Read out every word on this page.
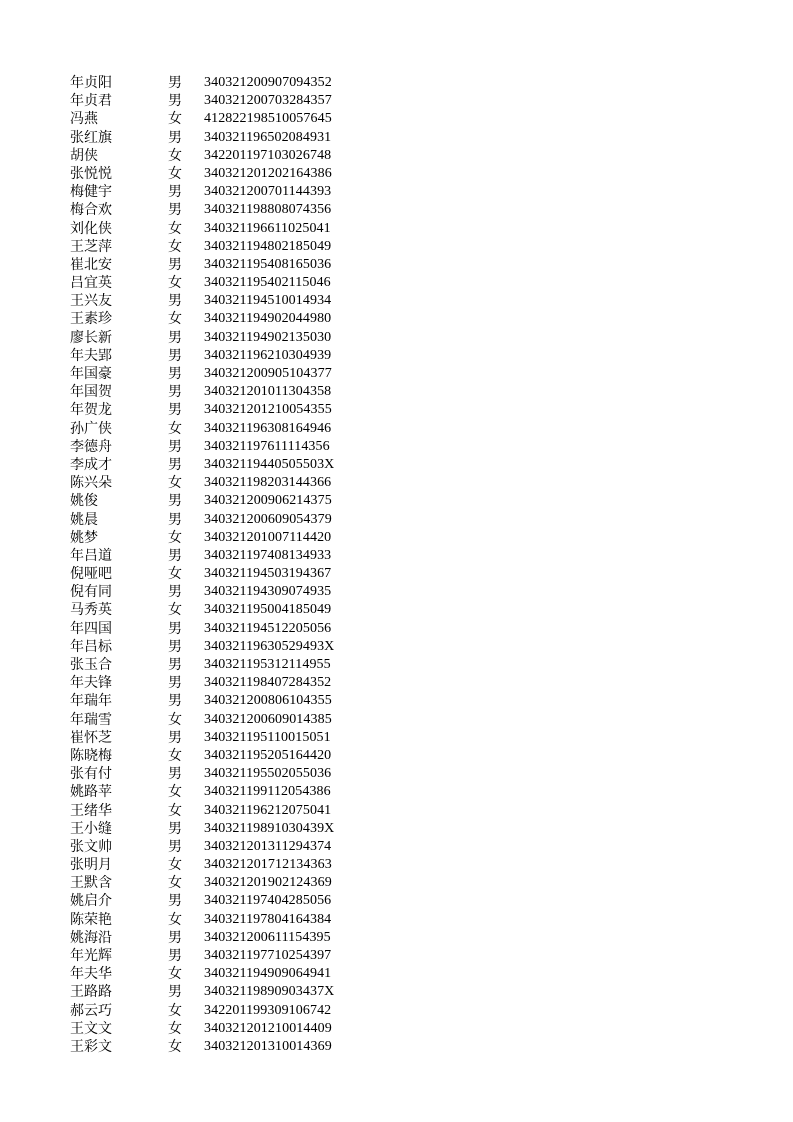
年贞阳	男	340321200907094352
年贞君	男	340321200703284357
冯燕	女	412822198510057645
张红旗	男	340321196502084931
胡侠	女	342201197103026748
张悦悦	女	340321201202164386
梅健宇	男	340321200701144393
梅合欢	男	340321198808074356
刘化侠	女	340321196611025041
王芝萍	女	340321194802185049
崔北安	男	340321195408165036
吕宜英	女	340321195402115046
王兴友	男	340321194510014934
王素珍	女	340321194902044980
廖长新	男	340321194902135030
年夫郢	男	340321196210304939
年国豪	男	340321200905104377
年国贺	男	340321201011304358
年贺龙	男	340321201210054355
孙广侠	女	340321196308164946
李德舟	男	340321197611114356
李成才	男	34032119440505503X
陈兴朵	女	340321198203144366
姚俊	男	340321200906214375
姚晨	男	340321200609054379
姚梦	女	340321201007114420
年吕道	男	340321197408134933
倪哑吧	女	340321194503194367
倪有同	男	340321194309074935
马秀英	女	340321195004185049
年四国	男	340321194512205056
年吕标	男	34032119630529493X
张玉合	男	340321195312114955
年夫锋	男	340321198407284352
年瑞年	男	340321200806104355
年瑞雪	女	340321200609014385
崔怀芝	男	340321195110015051
陈晓梅	女	340321195205164420
张有付	男	340321195502055036
姚路苹	女	340321199112054386
王绪华	女	340321196212075041
王小缝	男	34032119891030439X
张文帅	男	340321201311294374
张明月	女	340321201712134363
王默含	女	340321201902124369
姚启介	男	340321197404285056
陈荣艳	女	340321197804164384
姚海沿	男	340321200611154395
年光辉	男	340321197710254397
年夫华	女	340321194909064941
王路路	男	34032119890903437X
郝云巧	女	342201199309106742
王文文	女	340321201210014409
王彩文	女	340321201310014369
